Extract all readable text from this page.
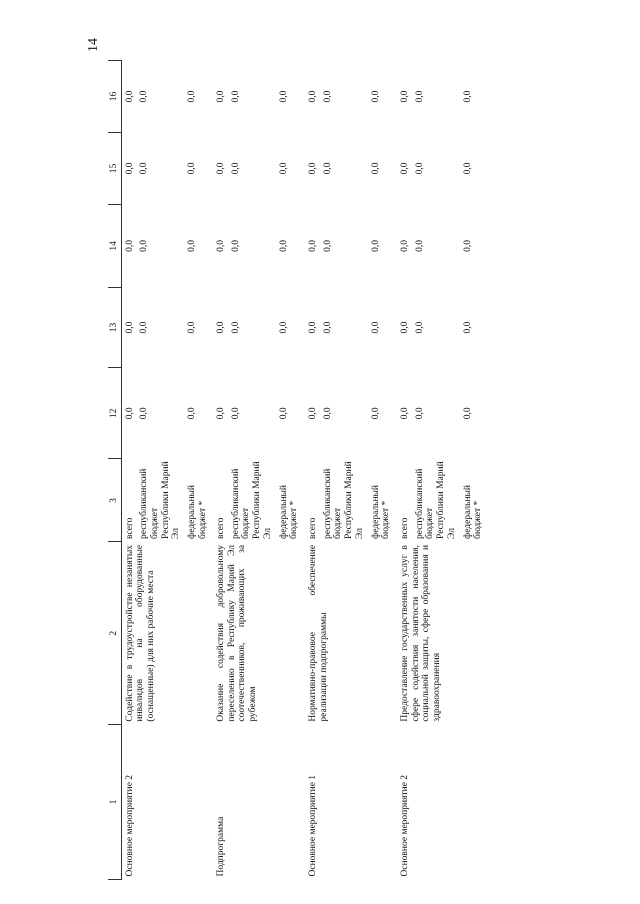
14
1	2	3	12	13	14	15	16
Основное мероприятие 2	Содействие в трудоустройстве незанятых инвалидов на оборудованные (оснащенные) для них рабочие места	всего республиканский бюджет Республики Марий Эл федеральный бюджет *	0,0 0,0 0,0	0,0 0,0 0,0	0,0 0,0 0,0	0,0 0,0 0,0	0,0 0,0 0,0

Подпрограмма	Оказание содействия добровольному переселению в Республику Марий Эл соотечественников, проживающих за рубежом	всего республиканский бюджет Республики Марий Эл федеральный бюджет *	0,0 0,0 0,0	0,0 0,0 0,0	0,0 0,0 0,0	0,0 0,0 0,0	0,0 0,0 0,0

Основное мероприятие 1	Нормативно-правовое обеспечение реализации подпрограммы	всего республиканский бюджет Республики Марий Эл федеральный бюджет *	0,0 0,0 0,0	0,0 0,0 0,0	0,0 0,0 0,0	0,0 0,0 0,0	0,0 0,0 0,0

Основное мероприятие 2	Предоставление государственных услуг в сфере содействия занятости населения, социальной защиты, сфере образования и здравоохранения	всего республиканский бюджет Республики Марий Эл федеральный бюджет *	0,0 0,0 0,0	0,0 0,0 0,0	0,0 0,0 0,0	0,0 0,0 0,0	0,0 0,0 0,0
